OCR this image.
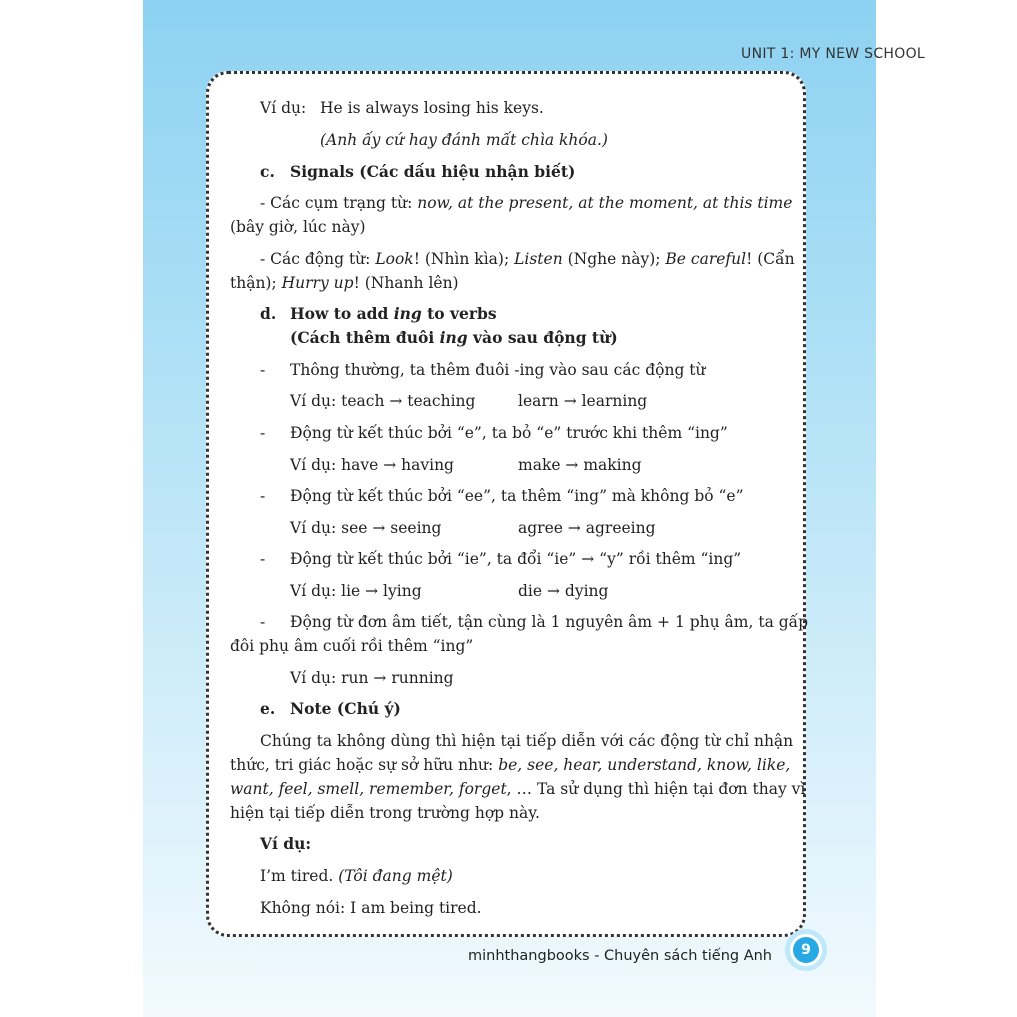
UNIT 1: MY NEW SCHOOL
Ví dụ: He is always losing his keys.
(Anh ấy cứ hay đánh mất chìa khóa.)
c. Signals (Các dấu hiệu nhận biết)
- Các cụm trạng từ: now, at the present, at the moment, at this time
(bây giờ, lúc này)
- Các động từ: Look! (Nhìn kìa); Listen (Nghe này); Be careful! (Cẩn
thận); Hurry up! (Nhanh lên)
d. How to add ing to verbs
(Cách thêm đuôi ing vào sau động từ)
- Thông thường, ta thêm đuôi -ing vào sau các động từ
Ví dụ: teach → teaching	learn → learning
- Động từ kết thúc bởi “e”, ta bỏ “e” trước khi thêm “ing”
Ví dụ: have → having	make → making
- Động từ kết thúc bởi “ee”, ta thêm “ing” mà không bỏ “e”
Ví dụ: see → seeing	agree → agreeing
- Động từ kết thúc bởi “ie”, ta đổi “ie” → “y” rồi thêm “ing”
Ví dụ: lie → lying	die → dying
- Động từ đơn âm tiết, tận cùng là 1 nguyên âm + 1 phụ âm, ta gấp
đôi phụ âm cuối rồi thêm “ing”
Ví dụ: run → running
e. Note (Chú ý)
Chúng ta không dùng thì hiện tại tiếp diễn với các động từ chỉ nhận
thức, tri giác hoặc sự sở hữu như: be, see, hear, understand, know, like,
want, feel, smell, remember, forget, … Ta sử dụng thì hiện tại đơn thay vì
hiện tại tiếp diễn trong trường hợp này.
Ví dụ:
I’m tired. (Tôi đang mệt)
Không nói: I am being tired.
minhthangbooks - Chuyên sách tiếng Anh	9
